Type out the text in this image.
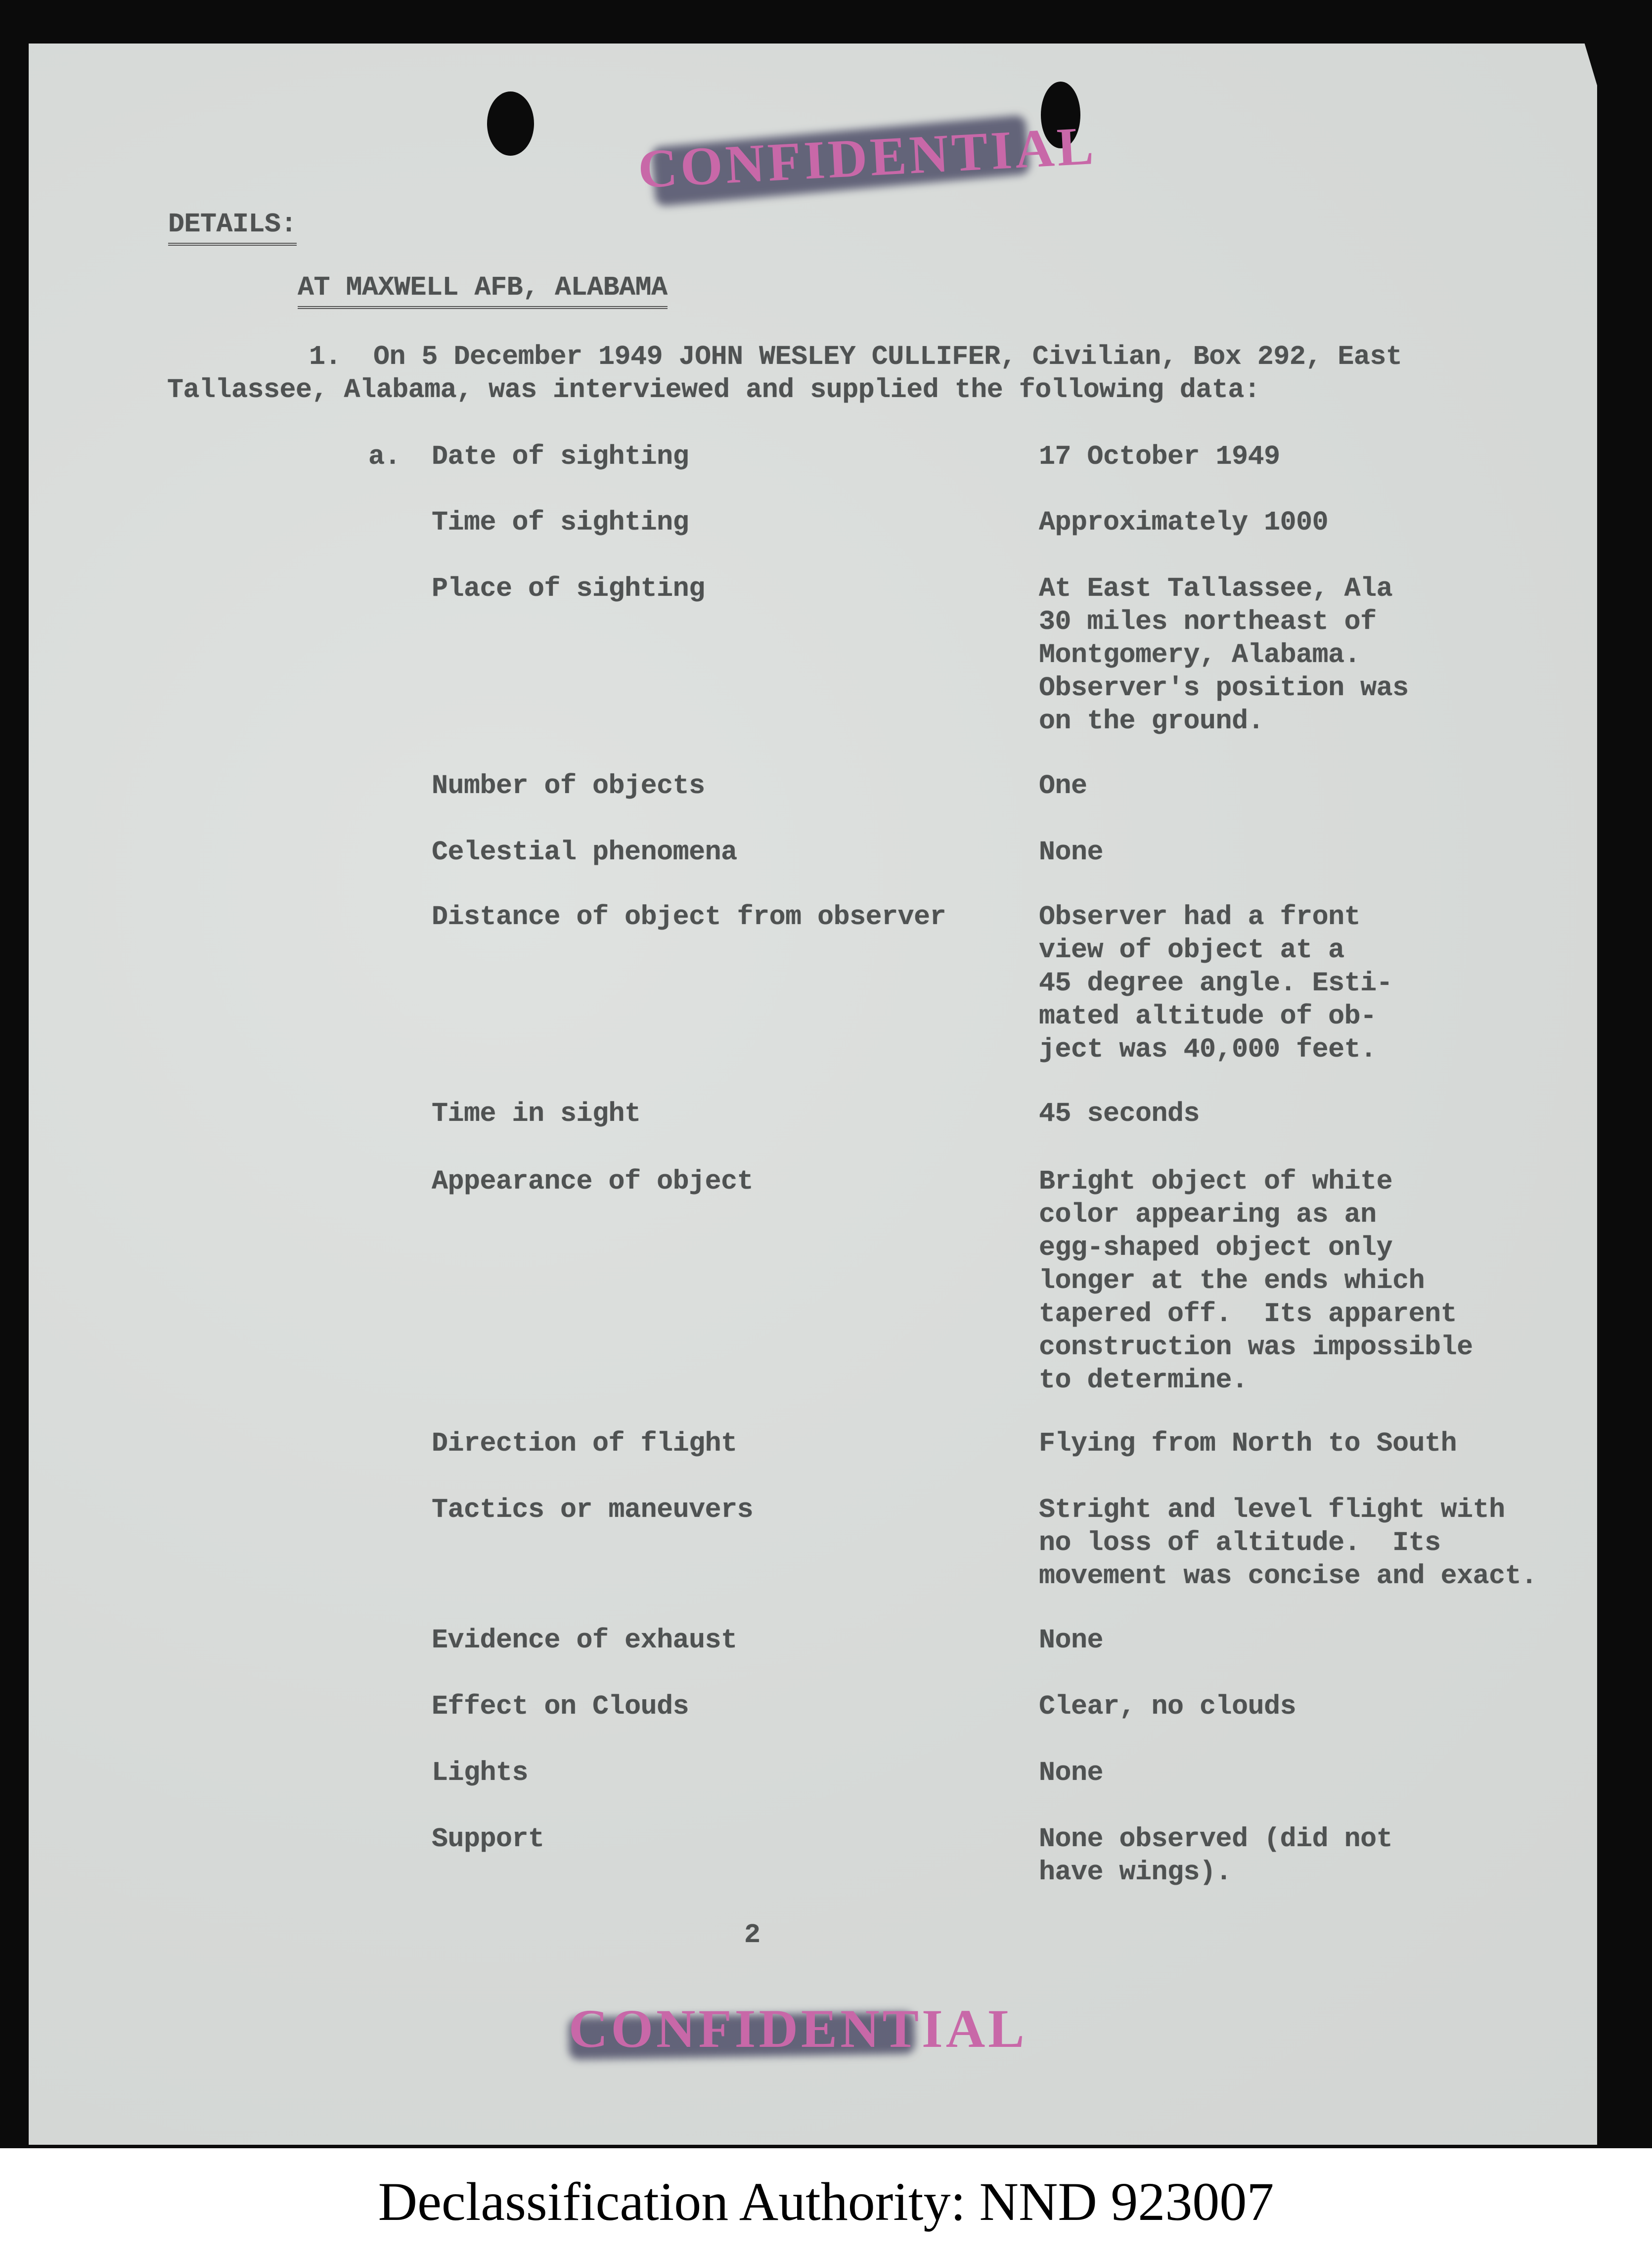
CONFIDENTIAL
DETAILS:
AT MAXWELL AFB, ALABAMA
1.  On 5 December 1949 JOHN WESLEY CULLIFER, Civilian, Box 292, East
Tallassee, Alabama, was interviewed and supplied the following data:
a. Date of sighting	17 October 1949
Time of sighting	Approximately 1000
Place of sighting	At East Tallassee, Ala
30 miles northeast of
Montgomery, Alabama.
Observer's position was
on the ground.
Number of objects	One
Celestial phenomena	None
Distance of object from observer	Observer had a front
view of object at a
45 degree angle. Esti-
mated altitude of ob-
ject was 40,000 feet.
Time in sight	45 seconds
Appearance of object	Bright object of white
color appearing as an
egg-shaped object only
longer at the ends which
tapered off.  Its apparent
construction was impossible
to determine.
Direction of flight	Flying from North to South
Tactics or maneuvers	Stright and level flight with
no loss of altitude.  Its
movement was concise and exact.
Evidence of exhaust	None
Effect on Clouds	Clear, no clouds
Lights	None
Support	None observed (did not
have wings).
2
CONFIDENTIAL
Declassification Authority: NND 923007
